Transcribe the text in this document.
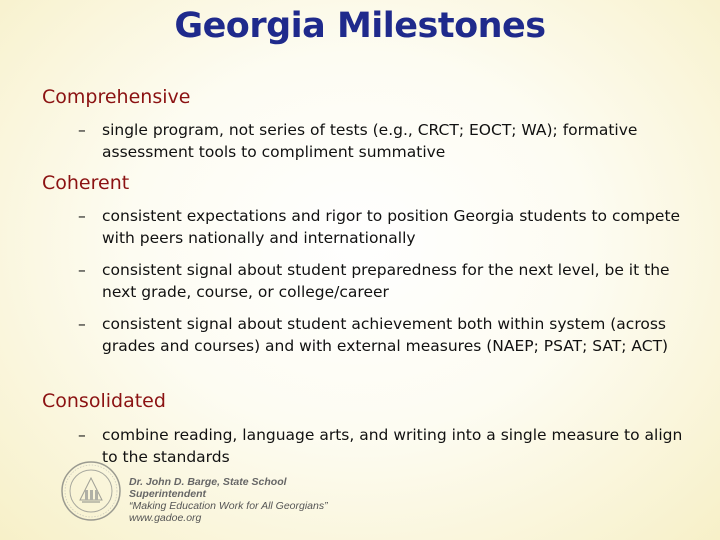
Georgia Milestones
Comprehensive
– single program, not series of tests (e.g., CRCT; EOCT; WA); formative assessment tools to compliment summative
Coherent
– consistent expectations and rigor to position Georgia students to compete with peers nationally and internationally
– consistent signal about student preparedness for the next level, be it the next grade, course, or college/career
– consistent signal about student achievement both within system (across grades and courses) and with external measures (NAEP; PSAT; SAT; ACT)
Consolidated
– combine reading, language arts, and writing into a single measure to align to the standards
Dr. John D. Barge, State School
Superintendent
“Making Education Work for All Georgians”
www.gadoe.org
